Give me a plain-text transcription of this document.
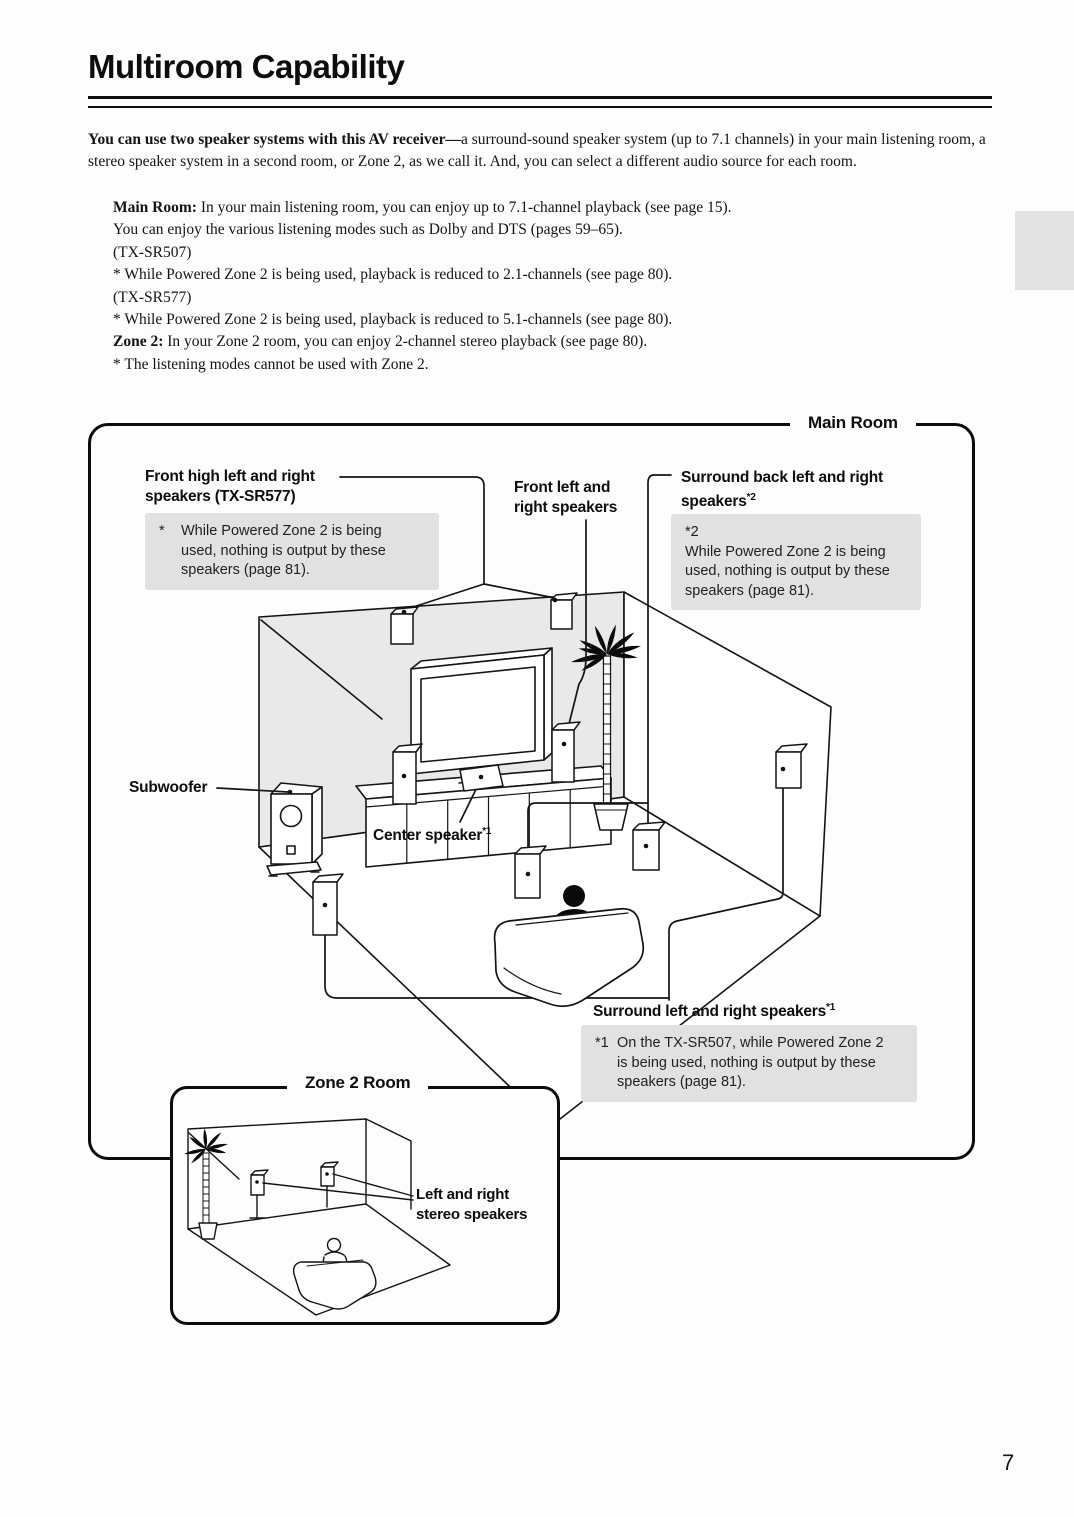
Multiroom Capability
You can use two speaker systems with this AV receiver—a surround-sound speaker system (up to 7.1 channels) in your main listening room, a stereo speaker system in a second room, or Zone 2, as we call it. And, you can select a different audio source for each room.
Main Room: In your main listening room, you can enjoy up to 7.1-channel playback (see page 15).
You can enjoy the various listening modes such as Dolby and DTS (pages 59–65).
(TX-SR507)
* While Powered Zone 2 is being used, playback is reduced to 2.1-channels (see page 80).
(TX-SR577)
* While Powered Zone 2 is being used, playback is reduced to 5.1-channels (see page 80).
Zone 2: In your Zone 2 room, you can enjoy 2-channel stereo playback (see page 80).
* The listening modes cannot be used with Zone 2.
Front high left and right speakers (TX-SR577)
* While Powered Zone 2 is being used, nothing is output by these speakers (page 81).
Front left and right speakers
Surround back left and right speakers$^{*2}$
*2While Powered Zone 2 is being used, nothing is output by these speakers (page 81).
Subwoofer
Center speaker$^{*1}$
Surround left and right speakers$^{*1}$
*1 On the TX-SR507, while Powered Zone 2 is being used, nothing is output by these speakers (page 81).
Main Room
Left and right stereo speakers
Zone 2 Room
7
